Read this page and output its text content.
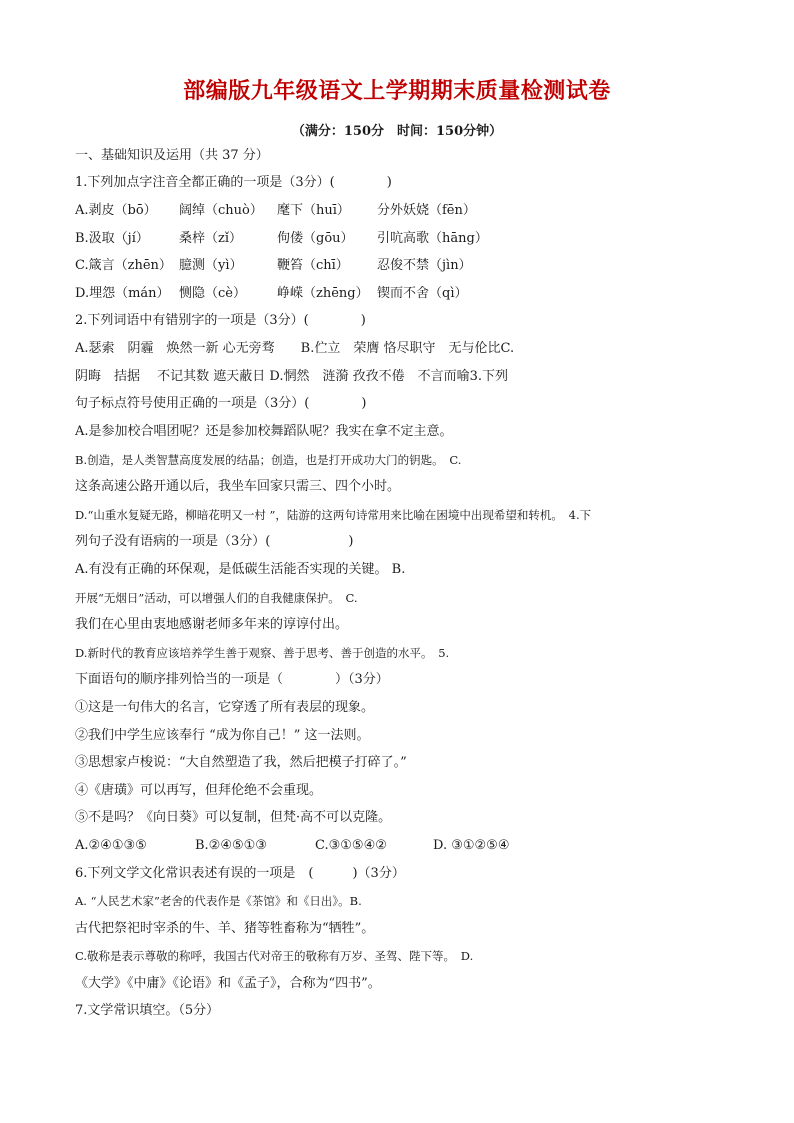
部编版九年级语文上学期期末质量检测试卷
（满分：150分　时间：150分钟）
一、基础知识及运用（共 37 分）
1.下列加点字注音全都正确的一项是（3分）(　　　　)
A.剥皮（bō） 阔绰（chuò） 麾下（huī） 分外妖娆（fēn）
B.汲取（jí） 桑梓（zǐ）	佝偻（gōu） 引吭高歌（hāng）
C.箴言（zhēn） 臆测（yì）	鞭笞（chī） 忍俊不禁（jìn）
D.埋怨（mán） 恻隐（cè） 峥嵘（zhēng） 锲而不舍（qì）
2.下列词语中有错别字的一项是（3分）(　　　　)
A.瑟索　阴霾　焕然一新 心无旁骛　　B.伫立　荣膺 恪尽职守　无与伦比C.
阴晦　拮据　 不记其数 遮天蔽日 D.惘然　涟漪 孜孜不倦　不言而喻3.下列
句子标点符号使用正确的一项是（3分）(　　　　)
A.是参加校合唱团呢？还是参加校舞蹈队呢？我实在拿不定主意。
B.创造，是人类智慧高度发展的结晶；创造，也是打开成功大门的钥匙。　C.
这条高速公路开通以后，我坐车回家只需三、四个小时。
D.“山重水复疑无路，柳暗花明又一村 ”，陆游的这两句诗常用来比喻在困境中出现希望和转机。　4.下
列句子没有语病的一项是（3分）(　　　　　　)
A.有没有正确的环保观，是低碳生活能否实现的关键。 B.
开展“无烟日”活动，可以增强人们的自我健康保护。　C.
我们在心里由衷地感谢老师多年来的谆谆付出。
D.新时代的教育应该培养学生善于观察、善于思考、善于创造的水平。　5.
下面语句的顺序排列恰当的一项是（　　　　）（3分）
①这是一句伟大的名言，它穿透了所有表层的现象。
②我们中学生应该奉行 “成为你自己！” 这一法则。
③思想家卢梭说：“大自然塑造了我，然后把模子打碎了。”
④《唐璜》可以再写，但拜伦绝不会重现。
⑤不是吗？《向日葵》可以复制，但梵·高不可以克隆。
A.②④①③⑤	B.②④⑤①③	C.③①⑤④②	D. ③①②⑤④
6.下列文学文化常识表述有误的一项是　(　　　)（3分）
A. “人民艺术家”老舍的代表作是《茶馆》和《日出》。B.
古代把祭祀时宰杀的牛、羊、猪等牲畜称为“牺牲”。
C.敬称是表示尊敬的称呼，我国古代对帝王的敬称有万岁、圣驾、陛下等。　D.
《大学》《中庸》《论语》和《孟子》，合称为“四书”。
7.文学常识填空。（5分）
